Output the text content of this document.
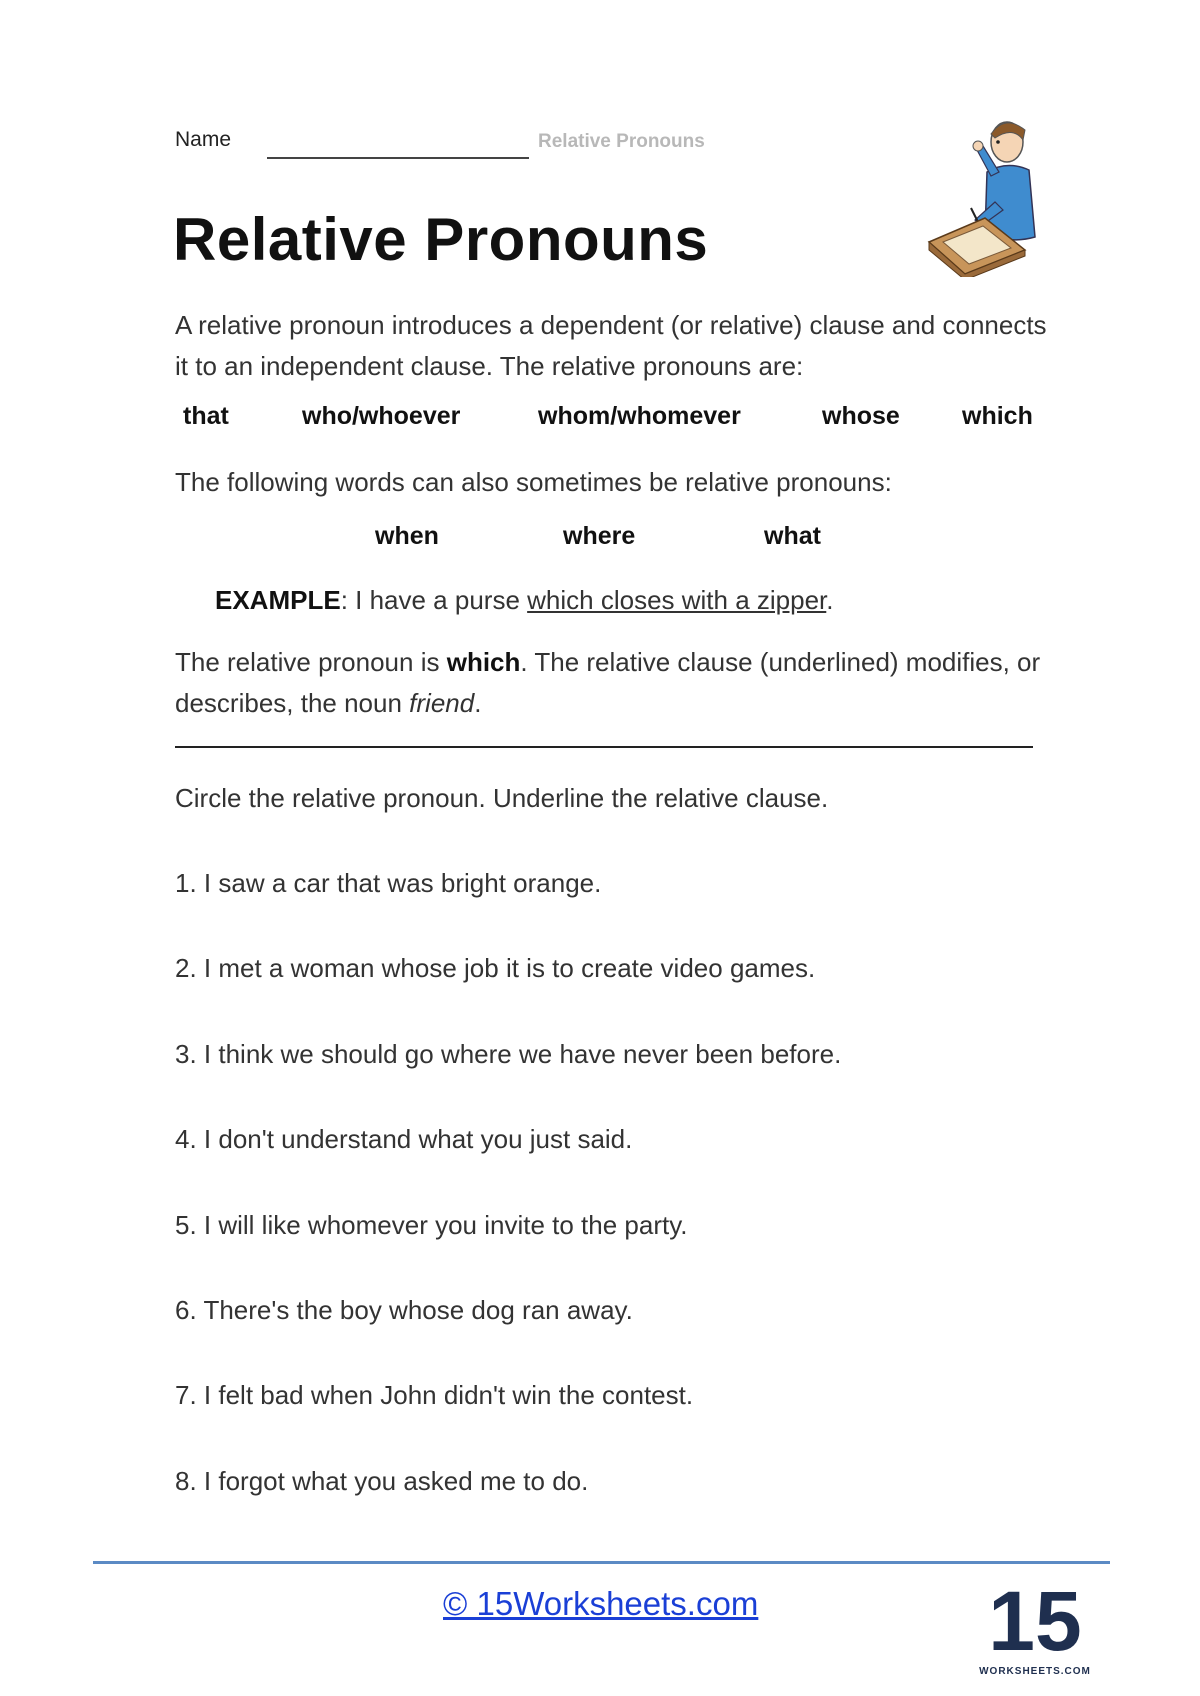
Name	Relative Pronouns
Relative Pronouns
A relative pronoun introduces a dependent (or relative) clause and connects it to an independent clause. The relative pronouns are:
that	who/whoever	whom/whomever	whose which
The following words can also sometimes be relative pronouns:
when	where	what
EXAMPLE: I have a purse which closes with a zipper.
The relative pronoun is which. The relative clause (underlined) modifies, or describes, the noun friend.
Circle the relative pronoun. Underline the relative clause.
1. I saw a car that was bright orange.
2. I met a woman whose job it is to create video games.
3. I think we should go where we have never been before.
4. I don't understand what you just said.
5. I will like whomever you invite to the party.
6. There's the boy whose dog ran away.
7. I felt bad when John didn't win the contest.
8. I forgot what you asked me to do.
© 15Worksheets.com	15
WORKSHEETS.COM
